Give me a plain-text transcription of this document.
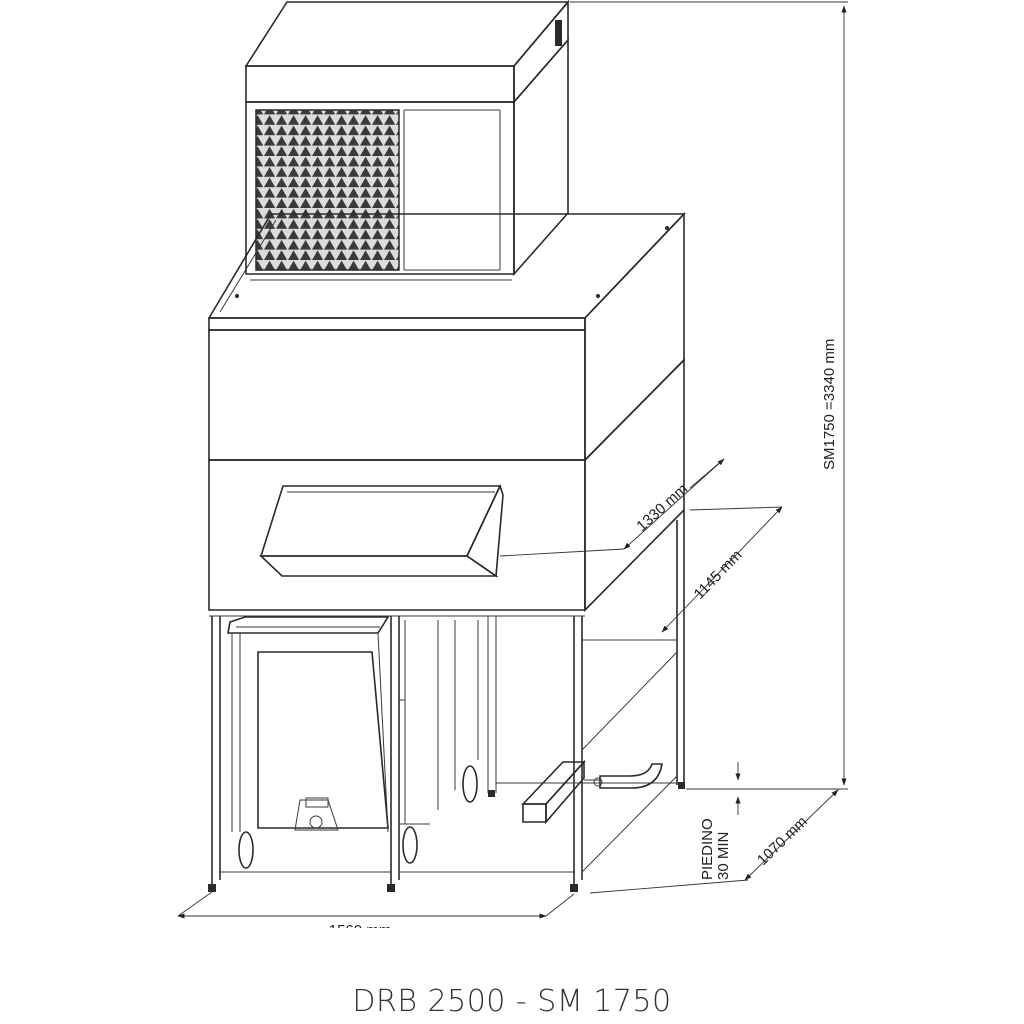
SM1750 =3340 mm
1330 mm
1145 mm
1070 mm
PIEDINO 30 MIN
DRB 2500 - SM 1750
